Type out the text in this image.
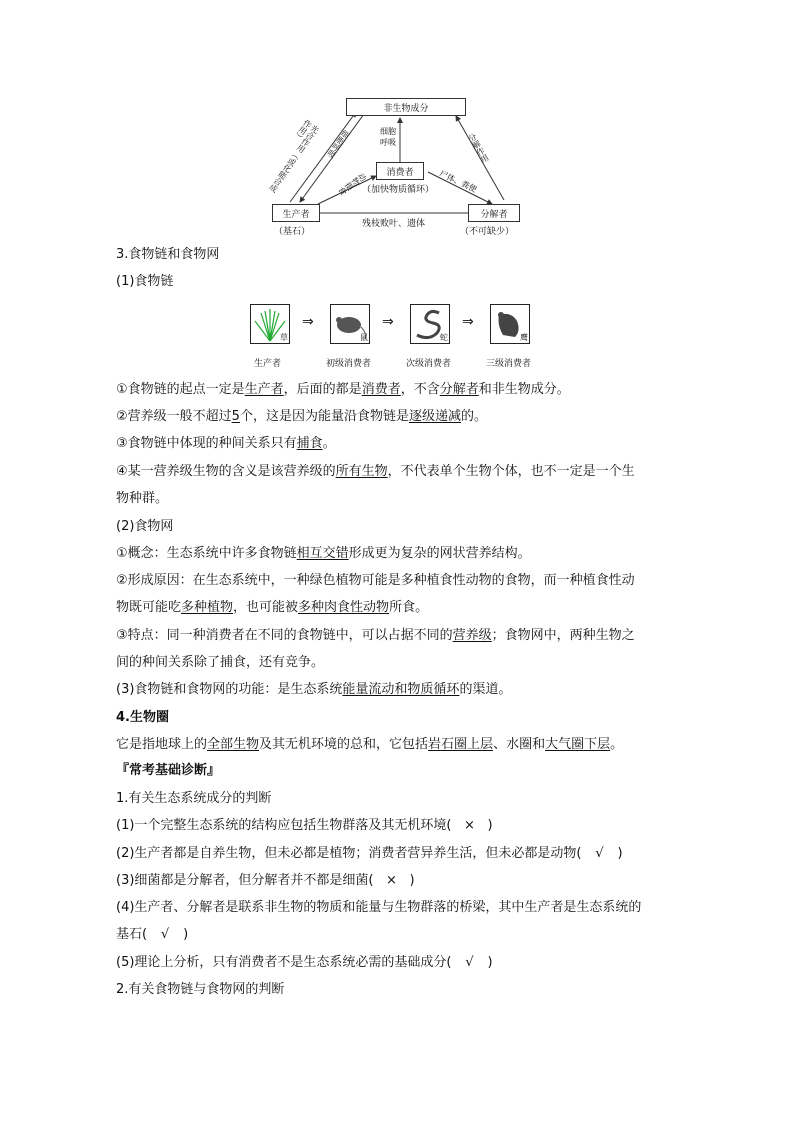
非生物成分
消费者
（加快物质循环）
生产者
（基石）
分解者
（不可缺少）
光合作用（或化能合成作用）	细胞呼吸
动物摄食
细胞呼吸
尸体、粪便
分解作用
残枝败叶、遗体
3.食物链和食物网
(1)食物链
草
⇒
鼠
⇒
蛇
⇒
鹰
生产者	初级消费者	次级消费者	三级消费者
①食物链的起点一定是生产者，后面的都是消费者，不含分解者和非生物成分。
②营养级一般不超过5个，这是因为能量沿食物链是逐级递减的。
③食物链中体现的种间关系只有捕食。
④某一营养级生物的含义是该营养级的所有生物，不代表单个生物个体，也不一定是一个生
物种群。
(2)食物网
①概念：生态系统中许多食物链相互交错形成更为复杂的网状营养结构。
②形成原因：在生态系统中，一种绿色植物可能是多种植食性动物的食物，而一种植食性动
物既可能吃多种植物，也可能被多种肉食性动物所食。
③特点：同一种消费者在不同的食物链中，可以占据不同的营养级；食物网中，两种生物之
间的种间关系除了捕食，还有竞争。
(3)食物链和食物网的功能：是生态系统能量流动和物质循环的渠道。
4.生物圈
它是指地球上的全部生物及其无机环境的总和，它包括岩石圈上层、水圈和大气圈下层。
『常考基础诊断』
1.有关生态系统成分的判断
(1)一个完整生态系统的结构应包括生物群落及其无机环境( × )
(2)生产者都是自养生物，但未必都是植物；消费者营异养生活，但未必都是动物( √ )
(3)细菌都是分解者，但分解者并不都是细菌( × )
(4)生产者、分解者是联系非生物的物质和能量与生物群落的桥梁，其中生产者是生态系统的
基石( √ )
(5)理论上分析，只有消费者不是生态系统必需的基础成分( √ )
2.有关食物链与食物网的判断
